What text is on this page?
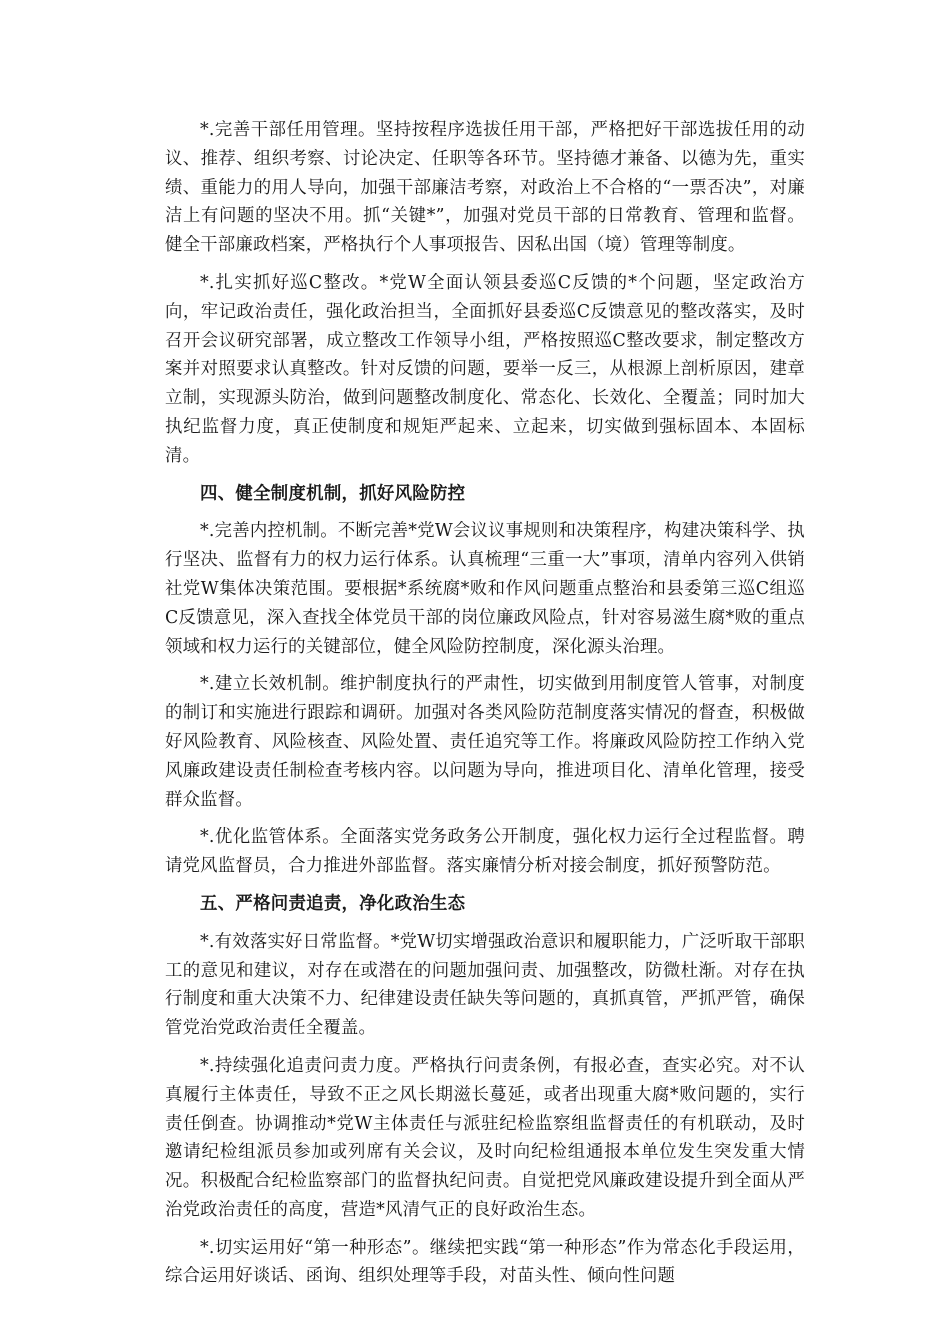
*.完善干部任用管理。坚持按程序选拔任用干部，严格把好干部选拔任用的动议、推荐、组织考察、讨论决定、任职等各环节。坚持德才兼备、以德为先，重实绩、重能力的用人导向，加强干部廉洁考察，对政治上不合格的“一票否决”，对廉洁上有问题的坚决不用。抓“关键*”，加强对党员干部的日常教育、管理和监督。健全干部廉政档案，严格执行个人事项报告、因私出国（境）管理等制度。

*.扎实抓好巡C整改。*党W全面认领县委巡C反馈的*个问题，坚定政治方向，牢记政治责任，强化政治担当，全面抓好县委巡C反馈意见的整改落实，及时召开会议研究部署，成立整改工作领导小组，严格按照巡C整改要求，制定整改方案并对照要求认真整改。针对反馈的问题，要举一反三，从根源上剖析原因，建章立制，实现源头防治，做到问题整改制度化、常态化、长效化、全覆盖；同时加大执纪监督力度，真正使制度和规矩严起来、立起来，切实做到强标固本、本固标清。

四、健全制度机制，抓好风险防控

*.完善内控机制。不断完善*党W会议议事规则和决策程序，构建决策科学、执行坚决、监督有力的权力运行体系。认真梳理“三重一大”事项，清单内容列入供销社党W集体决策范围。要根据*系统腐*败和作风问题重点整治和县委第三巡C组巡C反馈意见，深入查找全体党员干部的岗位廉政风险点，针对容易滋生腐*败的重点领域和权力运行的关键部位，健全风险防控制度，深化源头治理。

*.建立长效机制。维护制度执行的严肃性，切实做到用制度管人管事，对制度的制订和实施进行跟踪和调研。加强对各类风险防范制度落实情况的督查，积极做好风险教育、风险核查、风险处置、责任追究等工作。将廉政风险防控工作纳入党风廉政建设责任制检查考核内容。以问题为导向，推进项目化、清单化管理，接受群众监督。

*.优化监管体系。全面落实党务政务公开制度，强化权力运行全过程监督。聘请党风监督员，合力推进外部监督。落实廉情分析对接会制度，抓好预警防范。

五、严格问责追责，净化政治生态

*.有效落实好日常监督。*党W切实增强政治意识和履职能力，广泛听取干部职工的意见和建议，对存在或潜在的问题加强问责、加强整改，防微杜渐。对存在执行制度和重大决策不力、纪律建设责任缺失等问题的，真抓真管，严抓严管，确保管党治党政治责任全覆盖。

*.持续强化追责问责力度。严格执行问责条例，有报必查，查实必究。对不认真履行主体责任，导致不正之风长期滋长蔓延，或者出现重大腐*败问题的，实行责任倒查。协调推动*党W主体责任与派驻纪检监察组监督责任的有机联动，及时邀请纪检组派员参加或列席有关会议，及时向纪检组通报本单位发生突发重大情况。积极配合纪检监察部门的监督执纪问责。自觉把党风廉政建设提升到全面从严治党政治责任的高度，营造*风清气正的良好政治生态。

*.切实运用好“第一种形态”。继续把实践“第一种形态”作为常态化手段运用，综合运用好谈话、函询、组织处理等手段，对苗头性、倾向性问题
